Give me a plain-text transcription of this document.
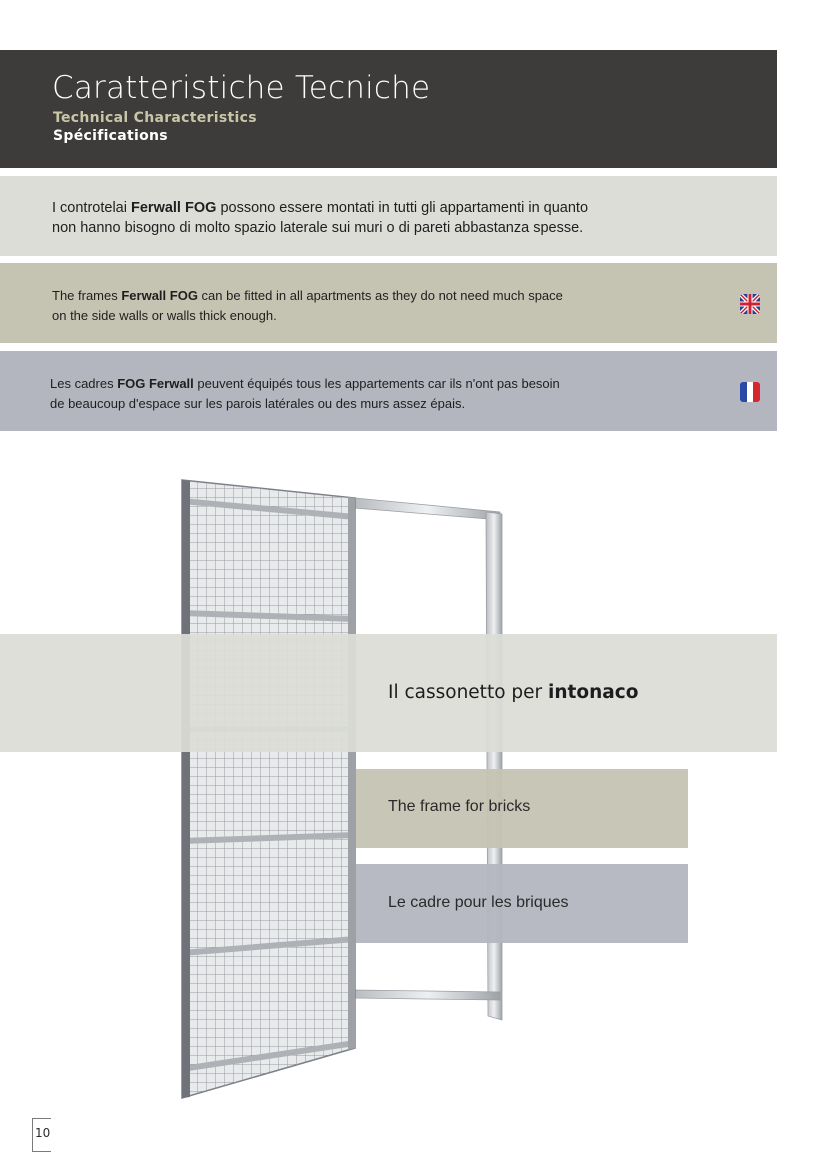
Caratteristiche Tecniche
Technical Characteristics
Spécifications
I controtelai Ferwall FOG possono essere montati in tutti gli appartamenti in quanto
non hanno bisogno di molto spazio laterale sui muri o di pareti abbastanza spesse.
The frames Ferwall FOG can be fitted in all apartments as they do not need much space
on the side walls or walls thick enough.
Les cadres FOG Ferwall peuvent équipés tous les appartements car ils n'ont pas besoin
de beaucoup d'espace sur les parois latérales ou des murs assez épais.
Il cassonetto per intonaco
The frame for bricks
Le cadre pour les briques
10
